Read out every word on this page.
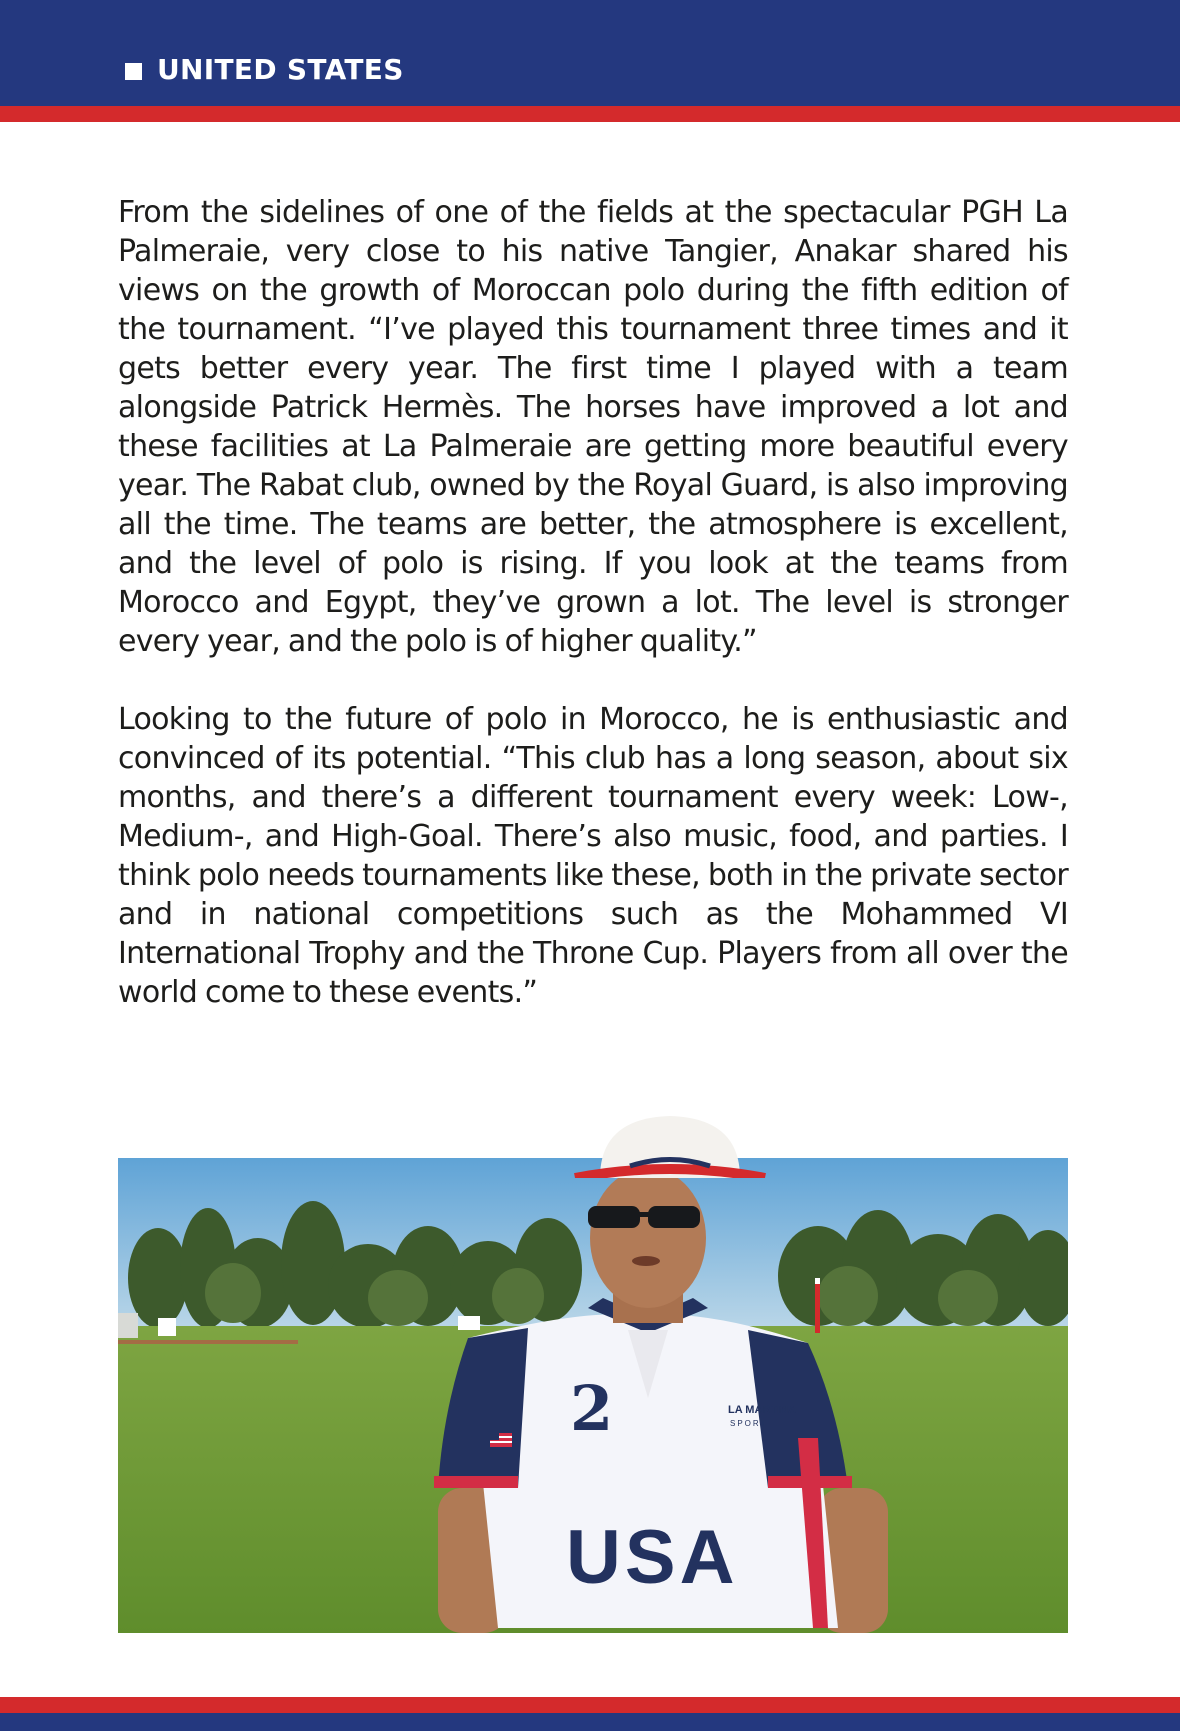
UNITED STATES

From the sidelines of one of the fields at the spectacular PGH La Palmeraie, very close to his native Tangier, Anakar shared his views on the growth of Moroccan polo during the fifth edition of the tournament. “I’ve played this tournament three times and it gets better every year. The first time I played with a team alongside Patrick Hermès. The horses have improved a lot and these facilities at La Palmeraie are getting more beautiful every year. The Rabat club, owned by the Royal Guard, is also improving all the time. The teams are better, the atmosphere is excellent, and the level of polo is rising. If you look at the teams from Morocco and Egypt, they’ve grown a lot. The level is stronger every year, and the polo is of higher quality.”

Looking to the future of polo in Morocco, he is enthusiastic and convinced of its potential. “This club has a long season, about six months, and there’s a different tournament every week: Low-, Medium-, and High-Goal. There’s also music, food, and parties. I think polo needs tournaments like these, both in the private sector and in national competitions such as the Mohammed VI International Trophy and the Throne Cup. Players from all over the world come to these events.”

2
USA
LA MARTINA
SPORT
